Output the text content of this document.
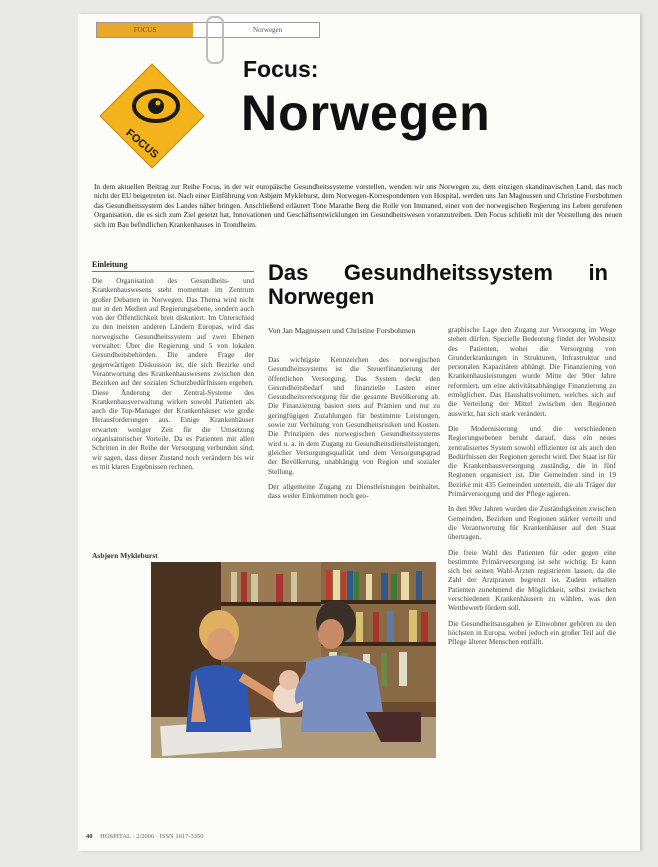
FOCUS	Norwegen
FOCUS
Focus:
Norwegen
In dem aktuellen Beitrag zur Reihe Focus, in der wir europäische Gesundheitssysteme vorstellen, wenden wir uns Norwegen zu, dem einzigen skandinavischen Land, das noch nicht der EU beigetreten ist. Nach einer Einführung von Asbjørn Mykleburst, dem Norwegen-Korrespondenten von Hospital, werden uns Jan Magnussen und Christine Forsbohmen das Gesundheitssystem des Landes näher bringen. Anschließend erläutert Tone Marathe Berg die Rolle von Immaned, einer von der norwegischen Regierung ins Leben gerufenen Organisation, die es sich zum Ziel gesetzt hat, Innovationen und Geschäftsentwicklungen im Gesundheitswesen voranzutreiben. Den Focus schließt mit der Vorstellung des neuen sich im Bau befindlichen Krankenhauses in Trondheim.
Einleitung
Die Organisation des Gesundheits- und Krankenhauswesens steht momentan im Zentrum großer Debatten in Norwegen. Das Thema wird nicht nur in den Medien auf Regierungsebene, sondern auch von der Öffentlichkeit breit diskutiert. Im Unterschied zu den meisten anderen Ländern Europas, wird das norwegische Gesundheitssystem auf zwei Ebenen verwaltet: Über die Regierung und 5 von lokalen Gesundheitsbehörden. Die andere Frage der gegenwärtigen Diskussion ist, die sich Bezirke und Verantwortung des Krankenhauswesens zwischen den Bezirken auf der sozialen Schutzbedürfnissen ergeben. Diese Änderung der Zentral-Systeme des Krankenhausverwaltung wirken sowohl Patienten als auch die Top-Manager der Krankenhäuser wie große Herausforderungen aus. Einige Krankenhäuser erwarten weniger Zeit für die Umsetzung organisatorischer Vorteile. Da es Patienten mit allen Schritten in der Reihe der Versorgung verbunden sind, wir sagen, dass dieser Zustand noch verändern bis wir es mit klaren Ergebnissen rechnen.
Asbjørn Mykleburst
Das Gesundheitssystem in
Norwegen
Von Jan Magnussen und Christine Forsbohmen

Das wichtigste Kennzeichen des norwegischen Gesundheitssystems ist die Steuerfinanzierung der öffentlichen Versorgung. Das System deckt den Gesundheitsbedarf und finanzielle Lasten einer Gesundheitsversorgung für die gesamte Bevölkerung ab. Die Finanzierung basiert stets auf Prämien und nur zu geringfügigen Zuzahlungen für bestimmte Leistungen, sowie zur Verhütung von Gesundheitsrisiken und Kosten. Die Prinzipien des norwegischen Gesundheitssystems wird u. a. in dem Zugang zu Gesundheitsdienstleistungen, gleicher Versorgungsqualität und dem Versorgungsgrad der Bevölkerung, unabhängig von Region und sozialer Stellung.

Der allgemeine Zugang zu Dienstleistungen beinhaltet, dass weder Einkommen noch geo-

graphische Lage den Zugang zur Versorgung im Wege stehen dürfen. Spezielle Bedeutung findet der Wohnsitz des Patienten, wobei die Versorgung von Grunderkrankungen in Strukturen, Infrastruktur und personalen Kapazitäten abhängt. Die Finanzierung von Krankenhausleistungen wurde Mitte der 90er Jahre reformiert, um eine aktivitätsabhängige Finanzierung zu ermöglichen. Das Haushaltsvolumen, welches sich auf die Verteilung der Mittel zwischen den Regionen auswirkt, hat sich stark verändert.

Die Modernisierung und die verschiedenen Regierungsebenen beruht darauf, dass ein neues zentralisiertes System sowohl effizienter ist als auch den Bedürfnissen der Regionen gerecht wird. Der Staat ist für die Krankenhausversorgung zuständig, die in fünf Regionen organisiert ist. Die Gemeinden sind in 19 Bezirke mit 435 Gemeinden unterteilt, die als Träger der Primärversorgung und der Pflege agieren.

In den 90er Jahren wurden die Zuständigkeiten zwischen Gemeinden, Bezirken und Regionen stärker verteilt und die Verantwortung für Krankenhäuser auf den Staat übertragen.

Die freie Wahl des Patienten für oder gegen eine bestimmte Primärversorgung ist sehr wichtig. Er kann sich bei seinen Wahl-Ärzten registrieren lassen, da die Zahl der Arztpraxen begrenzt ist. Zudem erhalten Patienten zunehmend die Möglichkeit, selbst zwischen verschiedenen Krankenhäusern zu wählen, was den Wettbewerb fördern soll.

Die Gesundheitsausgaben je Einwohner gehören zu den höchsten in Europa, wobei jedoch ein großer Teil auf die Pflege älterer Menschen entfällt.

40 HOSPITAL · 2/2006 · ISSN 1617-3350
